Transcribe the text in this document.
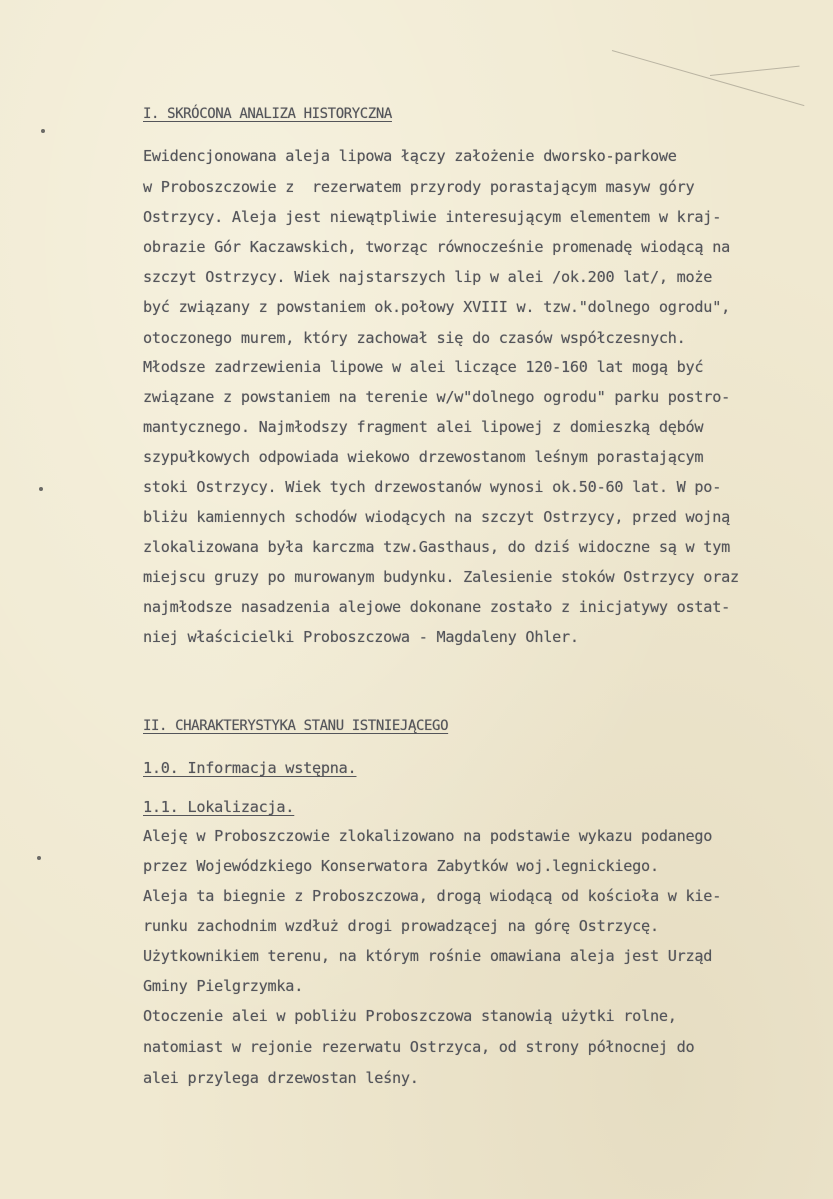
I. SKRÓCONA ANALIZA HISTORYCZNA
Ewidencjonowana aleja lipowa łączy założenie dworsko-parkowe
w Proboszczowie z  rezerwatem przyrody porastającym masyw góry
Ostrzycy. Aleja jest niewątpliwie interesującym elementem w kraj-
obrazie Gór Kaczawskich, tworząc równocześnie promenadę wiodącą na
szczyt Ostrzycy. Wiek najstarszych lip w alei /ok.200 lat/, może
być związany z powstaniem ok.połowy XVIII w. tzw."dolnego ogrodu",
otoczonego murem, który zachował się do czasów współczesnych.
Młodsze zadrzewienia lipowe w alei liczące 120-160 lat mogą być
związane z powstaniem na terenie w/w"dolnego ogrodu" parku postro-
mantycznego. Najmłodszy fragment alei lipowej z domieszką dębów
szypułkowych odpowiada wiekowo drzewostanom leśnym porastającym
stoki Ostrzycy. Wiek tych drzewostanów wynosi ok.50-60 lat. W po-
bliżu kamiennych schodów wiodących na szczyt Ostrzycy, przed wojną
zlokalizowana była karczma tzw.Gasthaus, do dziś widoczne są w tym
miejscu gruzy po murowanym budynku. Zalesienie stoków Ostrzycy oraz
najmłodsze nasadzenia alejowe dokonane zostało z inicjatywy ostat-
niej właścicielki Proboszczowa - Magdaleny Ohler.
II. CHARAKTERYSTYKA STANU ISTNIEJĄCEGO
1.0. Informacja wstępna.
1.1. Lokalizacja.
Aleję w Proboszczowie zlokalizowano na podstawie wykazu podanego
przez Wojewódzkiego Konserwatora Zabytków woj.legnickiego.
Aleja ta biegnie z Proboszczowa, drogą wiodącą od kościoła w kie-
runku zachodnim wzdłuż drogi prowadzącej na górę Ostrzycę.
Użytkownikiem terenu, na którym rośnie omawiana aleja jest Urząd
Gminy Pielgrzymka.
Otoczenie alei w pobliżu Proboszczowa stanowią użytki rolne,
natomiast w rejonie rezerwatu Ostrzyca, od strony północnej do
alei przylega drzewostan leśny.
